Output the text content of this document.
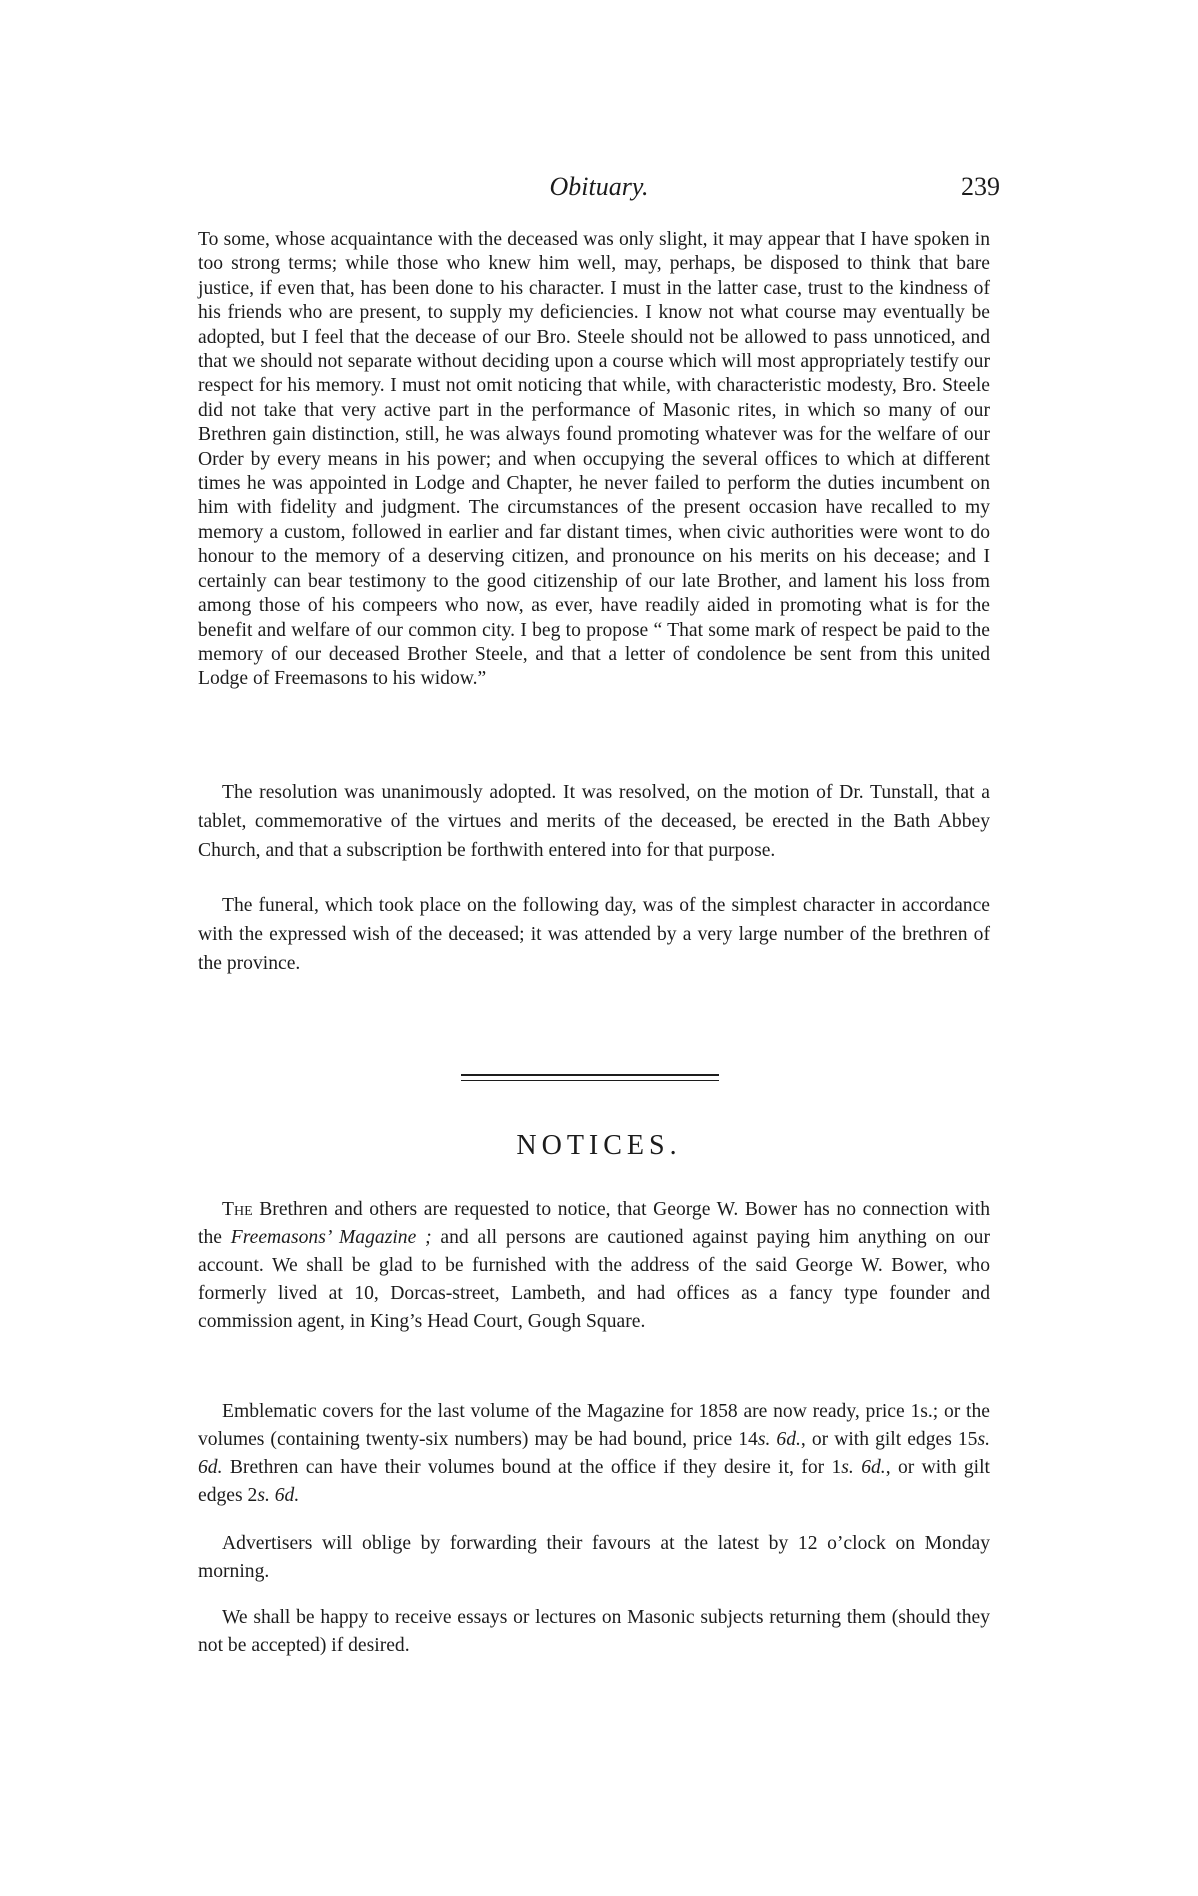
Obituary.	239

To some, whose acquaintance with the deceased was only slight, it may appear that I have spoken in too strong terms; while those who knew him well, may, perhaps, be disposed to think that bare justice, if even that, has been done to his character. I must in the latter case, trust to the kindness of his friends who are present, to supply my deficiencies. I know not what course may eventually be adopted, but I feel that the decease of our Bro. Steele should not be allowed to pass unnoticed, and that we should not separate without deciding upon a course which will most appropriately testify our respect for his memory. I must not omit noticing that while, with characteristic modesty, Bro. Steele did not take that very active part in the performance of Masonic rites, in which so many of our Brethren gain distinction, still, he was always found promoting whatever was for the welfare of our Order by every means in his power; and when occupying the several offices to which at different times he was appointed in Lodge and Chapter, he never failed to perform the duties incumbent on him with fidelity and judgment. The circumstances of the present occasion have recalled to my memory a custom, followed in earlier and far distant times, when civic authorities were wont to do honour to the memory of a deserving citizen, and pronounce on his merits on his decease; and I certainly can bear testimony to the good citizenship of our late Brother, and lament his loss from among those of his compeers who now, as ever, have readily aided in promoting what is for the benefit and welfare of our common city. I beg to propose “ That some mark of respect be paid to the memory of our deceased Brother Steele, and that a letter of condolence be sent from this united Lodge of Freemasons to his widow.”

The resolution was unanimously adopted. It was resolved, on the motion of Dr. Tunstall, that a tablet, commemorative of the virtues and merits of the deceased, be erected in the Bath Abbey Church, and that a subscription be forthwith entered into for that purpose.

The funeral, which took place on the following day, was of the simplest character in accordance with the expressed wish of the deceased; it was attended by a very large number of the brethren of the province.

NOTICES.

The Brethren and others are requested to notice, that George W. Bower has no connection with the Freemasons’ Magazine ; and all persons are cautioned against paying him anything on our account. We shall be glad to be furnished with the address of the said George W. Bower, who formerly lived at 10, Dorcas-street, Lambeth, and had offices as a fancy type founder and commission agent, in King’s Head Court, Gough Square.

Emblematic covers for the last volume of the Magazine for 1858 are now ready, price 1s.; or the volumes (containing twenty-six numbers) may be had bound, price 14s. 6d., or with gilt edges 15s. 6d. Brethren can have their volumes bound at the office if they desire it, for 1s. 6d., or with gilt edges 2s. 6d.

Advertisers will oblige by forwarding their favours at the latest by 12 o’clock on Monday morning.

We shall be happy to receive essays or lectures on Masonic subjects returning them (should they not be accepted) if desired.
